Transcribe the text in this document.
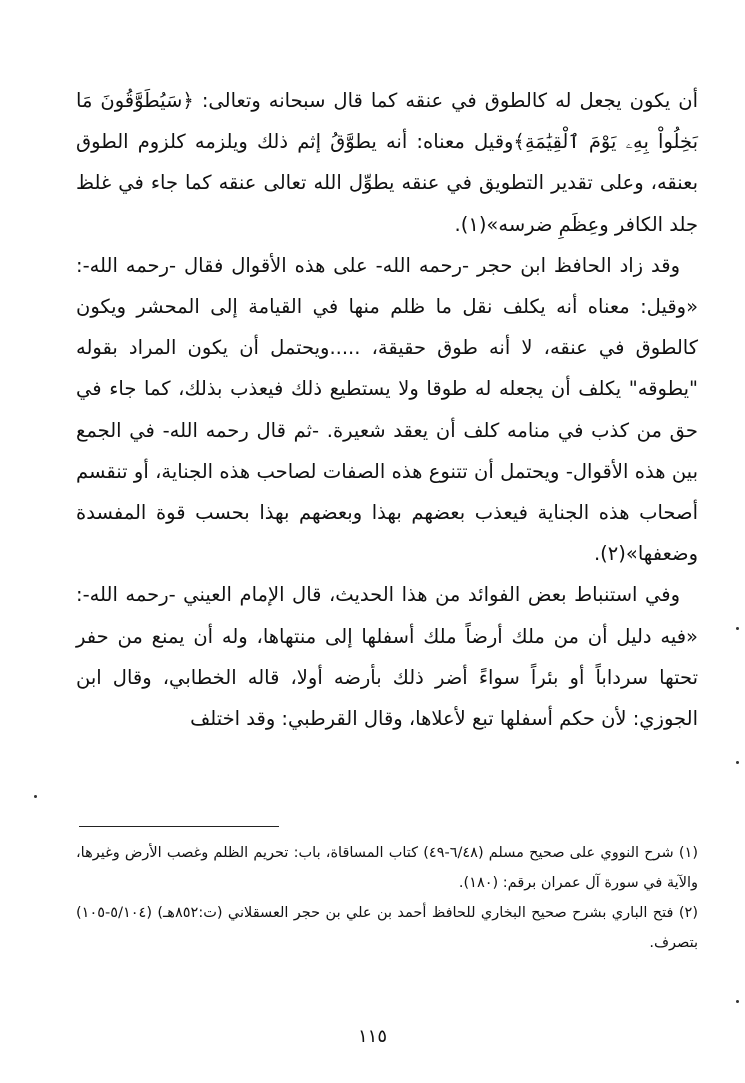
أن يكون يجعل له كالطوق في عنقه كما قال سبحانه وتعالى: ﴿سَيُطَوَّقُونَ مَا بَخِلُواْ بِهِۦ يَوْمَ ٱلْقِيَٰمَةِ﴾وقيل معناه: أنه يطوَّقُ إثم ذلك ويلزمه كلزوم الطوق بعنقه، وعلى تقدير التطويق في عنقه يطوِّل الله تعالى عنقه كما جاء في غلظ جلد الكافر وعِظَمِ ضرسه»(١).

وقد زاد الحافظ ابن حجر -رحمه الله- على هذه الأقوال فقال -رحمه الله-: «وقيل: معناه أنه يكلف نقل ما ظلم منها في القيامة إلى المحشر ويكون كالطوق في عنقه، لا أنه طوق حقيقة، .....ويحتمل أن يكون المراد بقوله "يطوقه" يكلف أن يجعله له طوقا ولا يستطيع ذلك فيعذب بذلك، كما جاء في حق من كذب في منامه كلف أن يعقد شعيرة. -ثم قال رحمه الله- في الجمع بين هذه الأقوال- ويحتمل أن تتنوع هذه الصفات لصاحب هذه الجناية، أو تنقسم أصحاب هذه الجناية فيعذب بعضهم بهذا وبعضهم بهذا بحسب قوة المفسدة وضعفها»(٢).

وفي استنباط بعض الفوائد من هذا الحديث، قال الإمام العيني -رحمه الله-: «فيه دليل أن من ملك أرضاً ملك أسفلها إلى منتهاها، وله أن يمنع من حفر تحتها سرداباً أو بئراً سواءً أضر ذلك بأرضه أولا، قاله الخطابي، وقال ابن الجوزي: لأن حكم أسفلها تبع لأعلاها، وقال القرطبي: وقد اختلف

(١) شرح النووي على صحيح مسلم (٦/٤٨-٤٩) كتاب المساقاة، باب: تحريم الظلم وغصب الأرض وغيرها، والآية في سورة آل عمران برقم: (١٨٠).

(٢) فتح الباري بشرح صحيح البخاري للحافظ أحمد بن علي بن حجر العسقلاني (ت:٨٥٢هـ) (٥/١٠٤-١٠٥) بتصرف.

١١٥
